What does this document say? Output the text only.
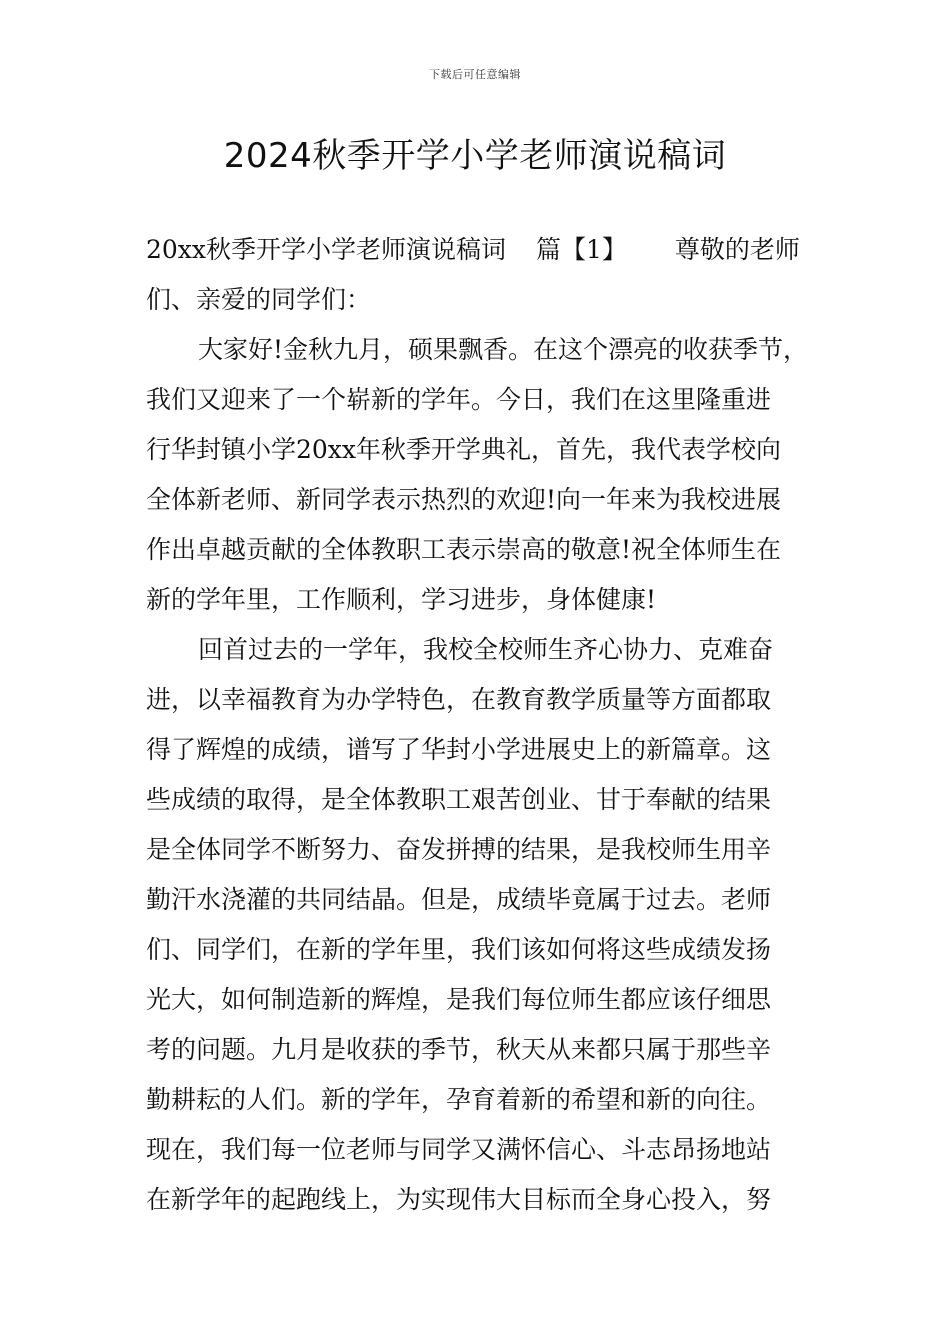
下载后可任意编辑
2024秋季开学小学老师演说稿词
20xx秋季开学小学老师演说稿词 篇【1】 尊敬的老师
们、亲爱的同学们：
大家好!金秋九月，硕果飘香。在这个漂亮的收获季节，
我们又迎来了一个崭新的学年。今日，我们在这里隆重进
行华封镇小学20xx年秋季开学典礼，首先，我代表学校向
全体新老师、新同学表示热烈的欢迎!向一年来为我校进展
作出卓越贡献的全体教职工表示崇高的敬意!祝全体师生在
新的学年里，工作顺利，学习进步，身体健康!
回首过去的一学年，我校全校师生齐心协力、克难奋
进，以幸福教育为办学特色，在教育教学质量等方面都取
得了辉煌的成绩，谱写了华封小学进展史上的新篇章。这
些成绩的取得，是全体教职工艰苦创业、甘于奉献的结果
是全体同学不断努力、奋发拼搏的结果，是我校师生用辛
勤汗水浇灌的共同结晶。但是，成绩毕竟属于过去。老师
们、同学们，在新的学年里，我们该如何将这些成绩发扬
光大，如何制造新的辉煌，是我们每位师生都应该仔细思
考的问题。九月是收获的季节，秋天从来都只属于那些辛
勤耕耘的人们。新的学年，孕育着新的希望和新的向往。
现在，我们每一位老师与同学又满怀信心、斗志昂扬地站
在新学年的起跑线上，为实现伟大目标而全身心投入，努
